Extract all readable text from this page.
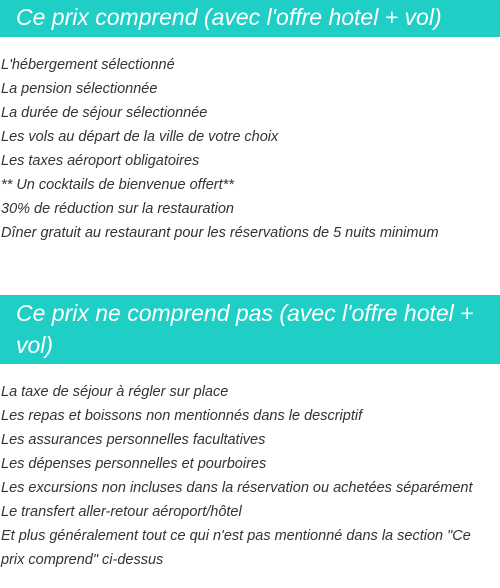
Ce prix comprend (avec l'offre hotel + vol)
L'hébergement sélectionné
La pension sélectionnée
La durée de séjour sélectionnée
Les vols au départ de la ville de votre choix
Les taxes aéroport obligatoires
** Un cocktails de bienvenue offert**
30% de réduction sur la restauration
Dîner gratuit au restaurant pour les réservations de 5 nuits minimum
Ce prix ne comprend pas (avec l'offre hotel + vol)
La taxe de séjour à régler sur place
Les repas et boissons non mentionnés dans le descriptif
Les assurances personnelles facultatives
Les dépenses personnelles et pourboires
Les excursions non incluses dans la réservation ou achetées séparément
Le transfert aller-retour aéroport/hôtel
Et plus généralement tout ce qui n'est pas mentionné dans la section "Ce prix comprend" ci-dessus
